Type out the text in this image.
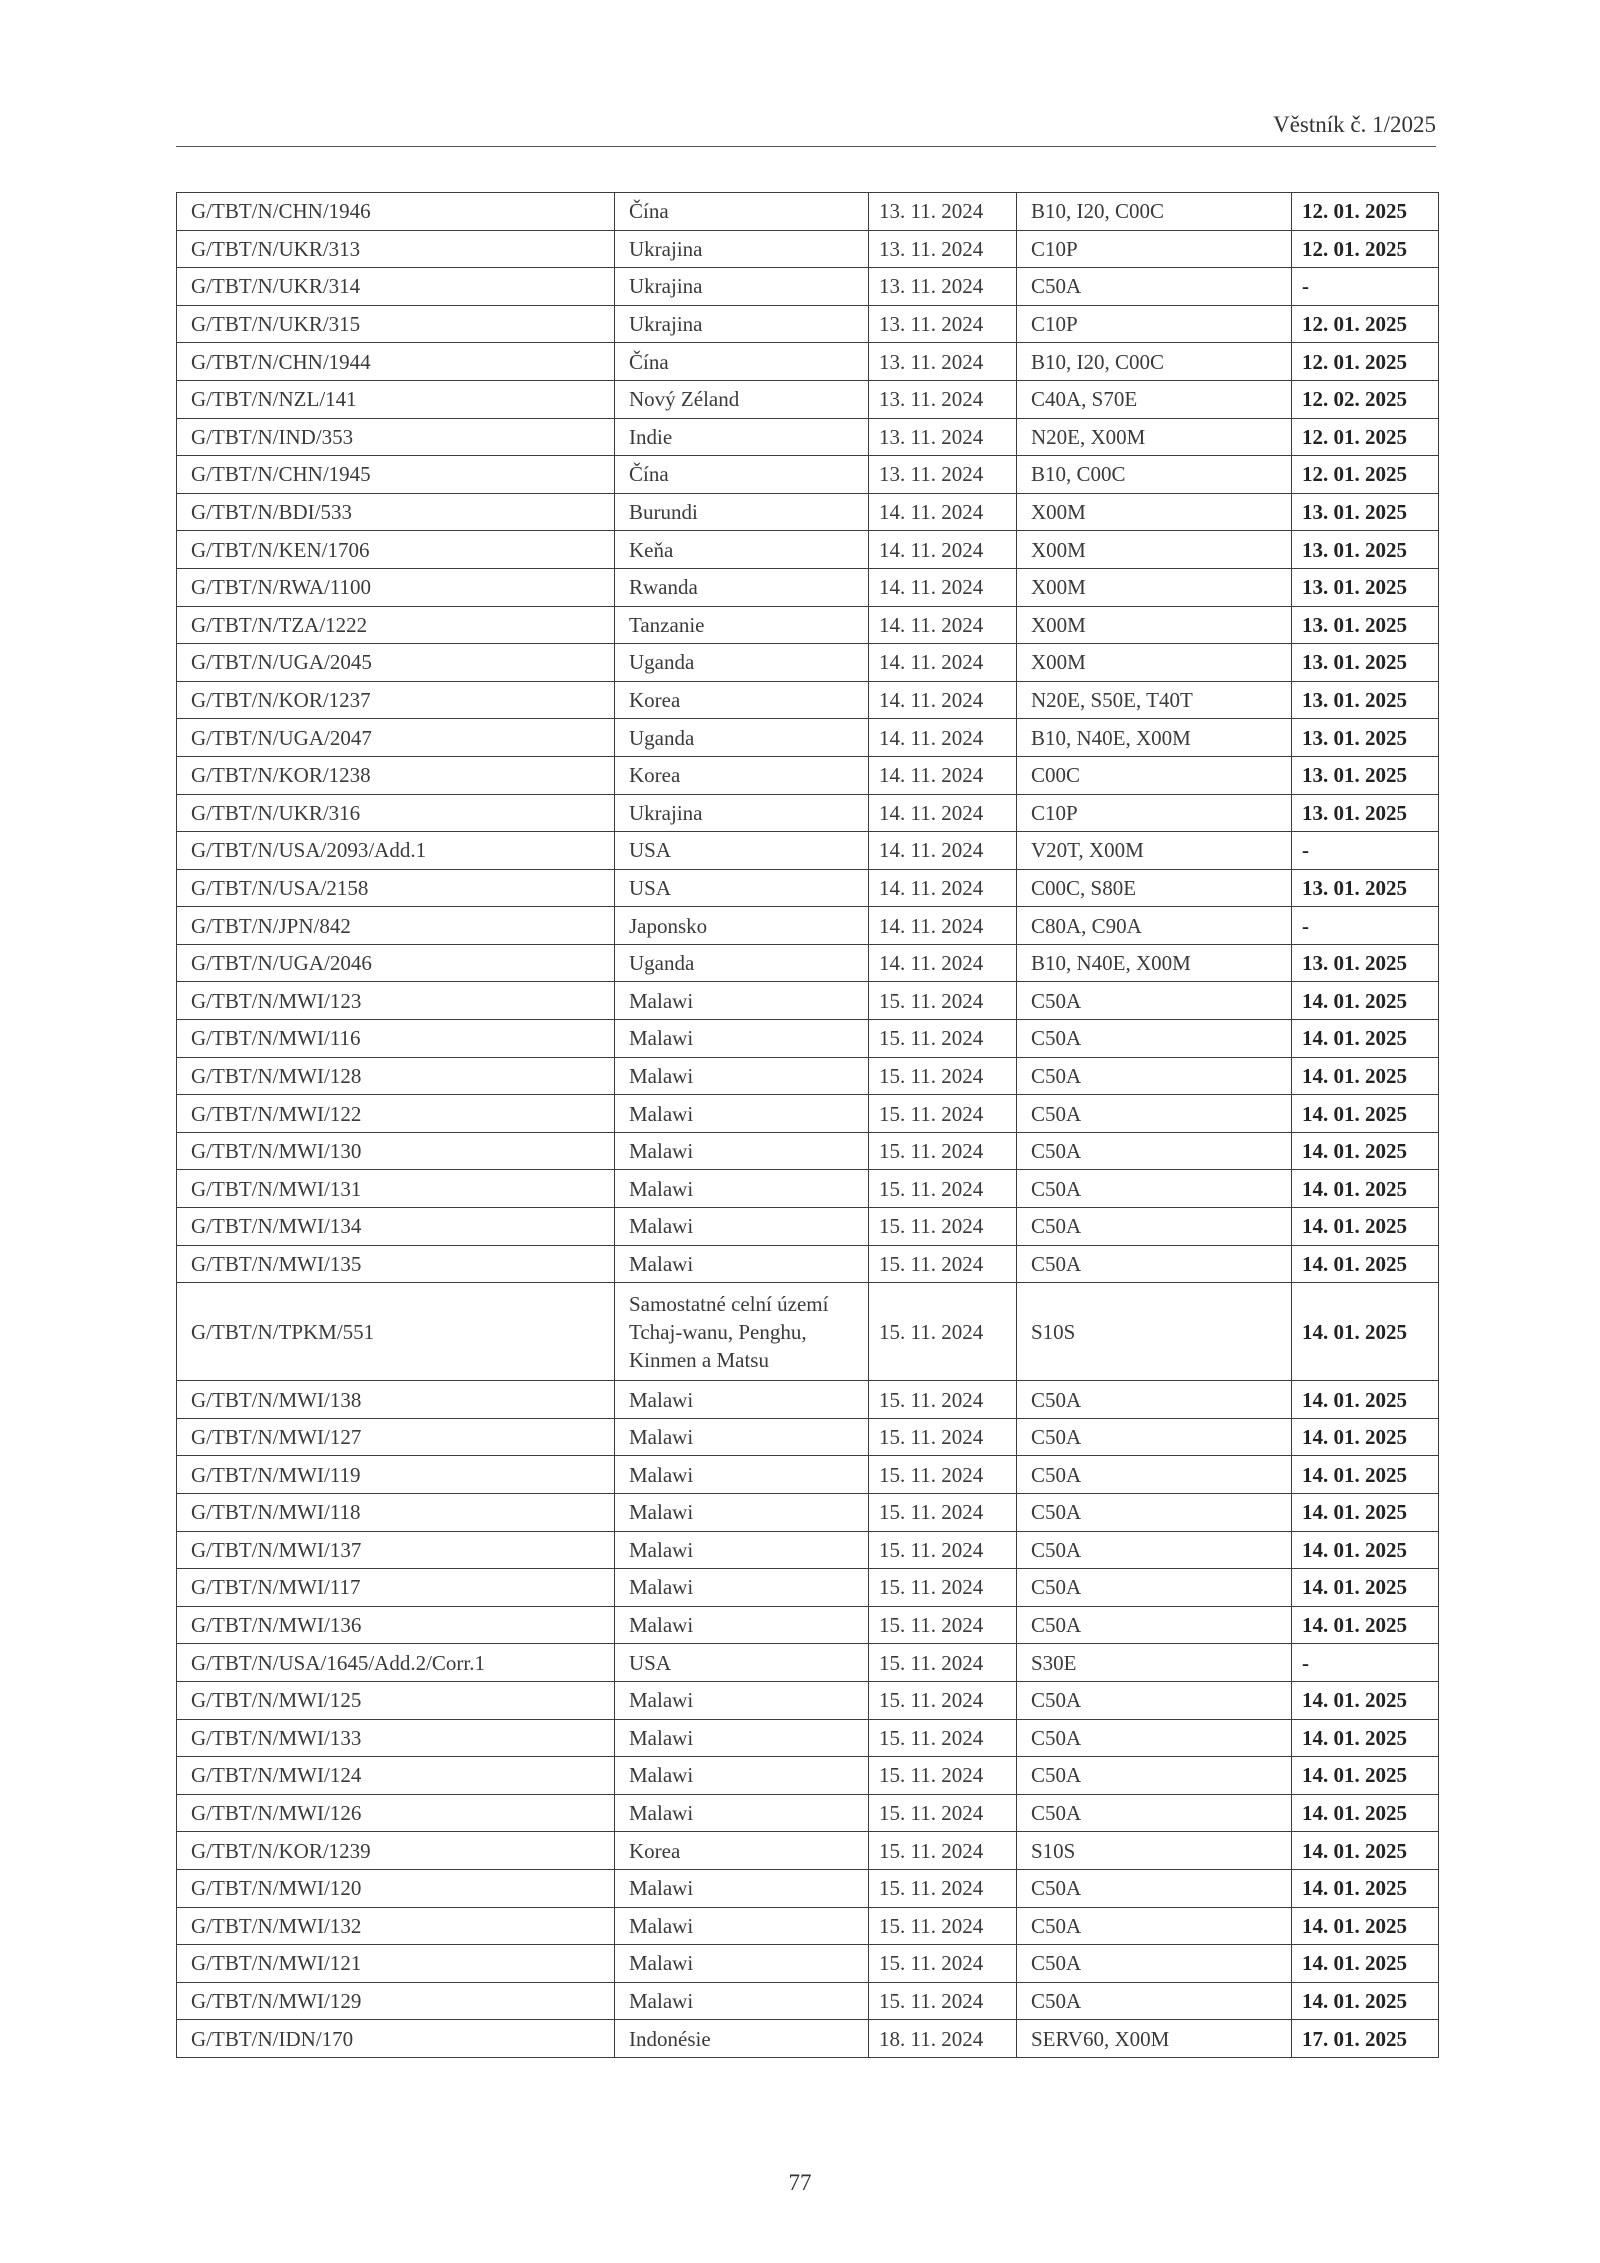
Věstník č. 1/2025
G/TBT/N/CHN/1946	Čína	13. 11. 2024	B10, I20, C00C	12. 01. 2025
G/TBT/N/UKR/313	Ukrajina	13. 11. 2024	C10P	12. 01. 2025
G/TBT/N/UKR/314	Ukrajina	13. 11. 2024	C50A	-
G/TBT/N/UKR/315	Ukrajina	13. 11. 2024	C10P	12. 01. 2025
G/TBT/N/CHN/1944	Čína	13. 11. 2024	B10, I20, C00C	12. 01. 2025
G/TBT/N/NZL/141	Nový Zéland	13. 11. 2024	C40A, S70E	12. 02. 2025
G/TBT/N/IND/353	Indie	13. 11. 2024	N20E, X00M	12. 01. 2025
G/TBT/N/CHN/1945	Čína	13. 11. 2024	B10, C00C	12. 01. 2025
G/TBT/N/BDI/533	Burundi	14. 11. 2024	X00M	13. 01. 2025
G/TBT/N/KEN/1706	Keňa	14. 11. 2024	X00M	13. 01. 2025
G/TBT/N/RWA/1100	Rwanda	14. 11. 2024	X00M	13. 01. 2025
G/TBT/N/TZA/1222	Tanzanie	14. 11. 2024	X00M	13. 01. 2025
G/TBT/N/UGA/2045	Uganda	14. 11. 2024	X00M	13. 01. 2025
G/TBT/N/KOR/1237	Korea	14. 11. 2024	N20E, S50E, T40T	13. 01. 2025
G/TBT/N/UGA/2047	Uganda	14. 11. 2024	B10, N40E, X00M	13. 01. 2025
G/TBT/N/KOR/1238	Korea	14. 11. 2024	C00C	13. 01. 2025
G/TBT/N/UKR/316	Ukrajina	14. 11. 2024	C10P	13. 01. 2025
G/TBT/N/USA/2093/Add.1	USA	14. 11. 2024	V20T, X00M	-
G/TBT/N/USA/2158	USA	14. 11. 2024	C00C, S80E	13. 01. 2025
G/TBT/N/JPN/842	Japonsko	14. 11. 2024	C80A, C90A	-
G/TBT/N/UGA/2046	Uganda	14. 11. 2024	B10, N40E, X00M	13. 01. 2025
G/TBT/N/MWI/123	Malawi	15. 11. 2024	C50A	14. 01. 2025
G/TBT/N/MWI/116	Malawi	15. 11. 2024	C50A	14. 01. 2025
G/TBT/N/MWI/128	Malawi	15. 11. 2024	C50A	14. 01. 2025
G/TBT/N/MWI/122	Malawi	15. 11. 2024	C50A	14. 01. 2025
G/TBT/N/MWI/130	Malawi	15. 11. 2024	C50A	14. 01. 2025
G/TBT/N/MWI/131	Malawi	15. 11. 2024	C50A	14. 01. 2025
G/TBT/N/MWI/134	Malawi	15. 11. 2024	C50A	14. 01. 2025
G/TBT/N/MWI/135	Malawi	15. 11. 2024	C50A	14. 01. 2025
G/TBT/N/TPKM/551	Samostatné celní území Tchaj-wanu, Penghu, Kinmen a Matsu	15. 11. 2024	S10S	14. 01. 2025
G/TBT/N/MWI/138	Malawi	15. 11. 2024	C50A	14. 01. 2025
G/TBT/N/MWI/127	Malawi	15. 11. 2024	C50A	14. 01. 2025
G/TBT/N/MWI/119	Malawi	15. 11. 2024	C50A	14. 01. 2025
G/TBT/N/MWI/118	Malawi	15. 11. 2024	C50A	14. 01. 2025
G/TBT/N/MWI/137	Malawi	15. 11. 2024	C50A	14. 01. 2025
G/TBT/N/MWI/117	Malawi	15. 11. 2024	C50A	14. 01. 2025
G/TBT/N/MWI/136	Malawi	15. 11. 2024	C50A	14. 01. 2025
G/TBT/N/USA/1645/Add.2/Corr.1	USA	15. 11. 2024	S30E	-
G/TBT/N/MWI/125	Malawi	15. 11. 2024	C50A	14. 01. 2025
G/TBT/N/MWI/133	Malawi	15. 11. 2024	C50A	14. 01. 2025
G/TBT/N/MWI/124	Malawi	15. 11. 2024	C50A	14. 01. 2025
G/TBT/N/MWI/126	Malawi	15. 11. 2024	C50A	14. 01. 2025
G/TBT/N/KOR/1239	Korea	15. 11. 2024	S10S	14. 01. 2025
G/TBT/N/MWI/120	Malawi	15. 11. 2024	C50A	14. 01. 2025
G/TBT/N/MWI/132	Malawi	15. 11. 2024	C50A	14. 01. 2025
G/TBT/N/MWI/121	Malawi	15. 11. 2024	C50A	14. 01. 2025
G/TBT/N/MWI/129	Malawi	15. 11. 2024	C50A	14. 01. 2025
G/TBT/N/IDN/170	Indonésie	18. 11. 2024	SERV60, X00M	17. 01. 2025
77
